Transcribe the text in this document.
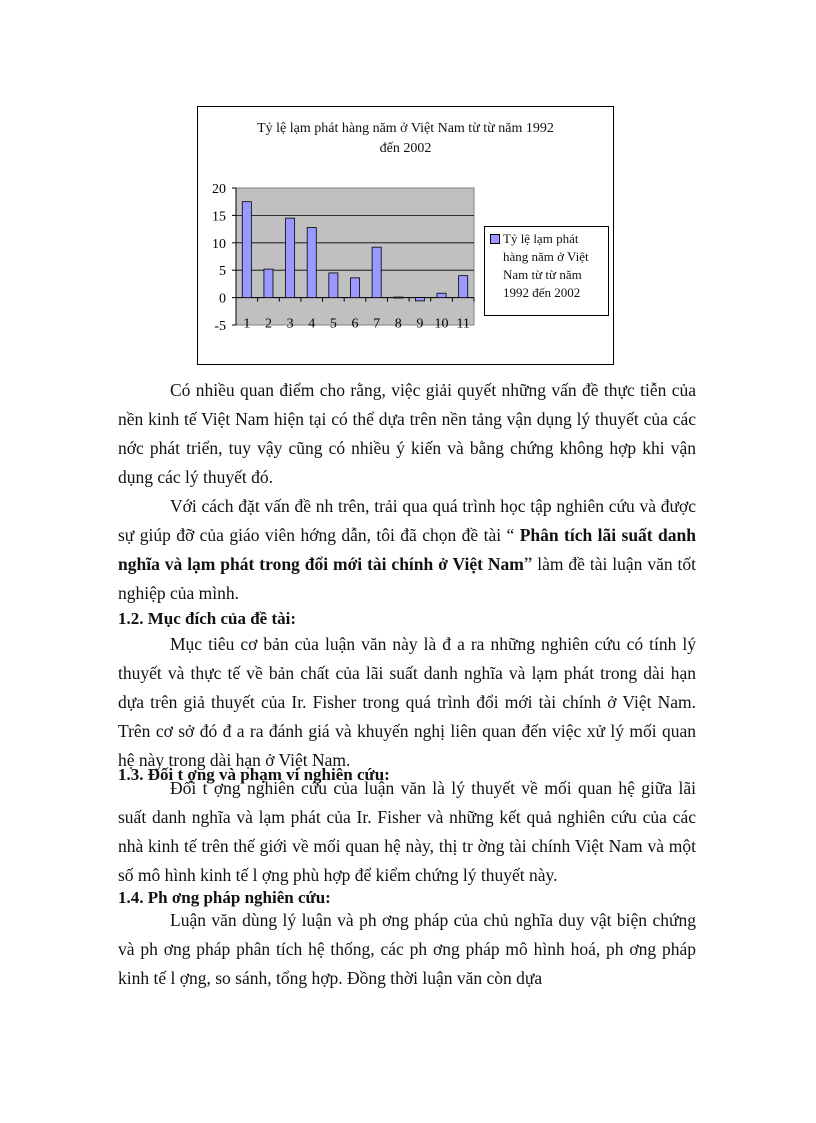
Tỷ lệ lạm phát hàng năm ở Việt Nam từ từ năm 1992
đến 2002
20
15
10
5
0
-5 1 2 3 4 5 6 7 8 9 10 11
Tỷ lệ lạm phát
hàng năm ở Việt
Nam từ từ năm
1992 đến 2002
Có nhiều quan điểm cho rằng, việc giải quyết những vấn đề thực tiễn của nền kinh tế Việt Nam hiện tại có thể dựa trên nền tảng vận dụng lý thuyết của các nớc phát triển, tuy vậy cũng có nhiều ý kiến và bằng chứng không hợp khi vận dụng các lý thuyết đó.
Với cách đặt vấn đề nh trên, trải qua quá trình học tập nghiên cứu và được sự giúp đỡ của giáo viên hớng dẫn, tôi đã chọn đề tài “ Phân tích lãi suất danh nghĩa và lạm phát trong đổi mới tài chính ở Việt Nam” làm đề tài luận văn tốt nghiệp của mình.
1.2. Mục đích của đề tài:
Mục tiêu cơ bản của luận văn này là đ a ra những nghiên cứu có tính lý thuyết và thực tế về bản chất của lãi suất danh nghĩa và lạm phát trong dài hạn dựa trên giả thuyết của Ir. Fisher trong quá trình đổi mới tài chính ở Việt Nam. Trên cơ sở đó đ a ra đánh giá và khuyến nghị liên quan đến việc xử lý mối quan hệ này trong dài hạn ở Việt Nam.
1.3. Đối t ợng và phạm vi nghiên cứu:
Đối t ợng nghiên cứu của luận văn là lý thuyết về mối quan hệ giữa lãi suất danh nghĩa và lạm phát của Ir. Fisher và những kết quả nghiên cứu của các nhà kinh tế trên thế giới về mối quan hệ này, thị tr ờng tài chính Việt Nam và một số mô hình kinh tế l ợng phù hợp để kiểm chứng lý thuyết này.
1.4. Ph ơng pháp nghiên cứu:
Luận văn dùng lý luận và ph ơng pháp của chủ nghĩa duy vật biện chứng và ph ơng pháp phân tích hệ thống, các ph ơng pháp mô hình hoá, ph ơng pháp kinh tế l ợng, so sánh, tổng hợp. Đồng thời luận văn còn dựa
